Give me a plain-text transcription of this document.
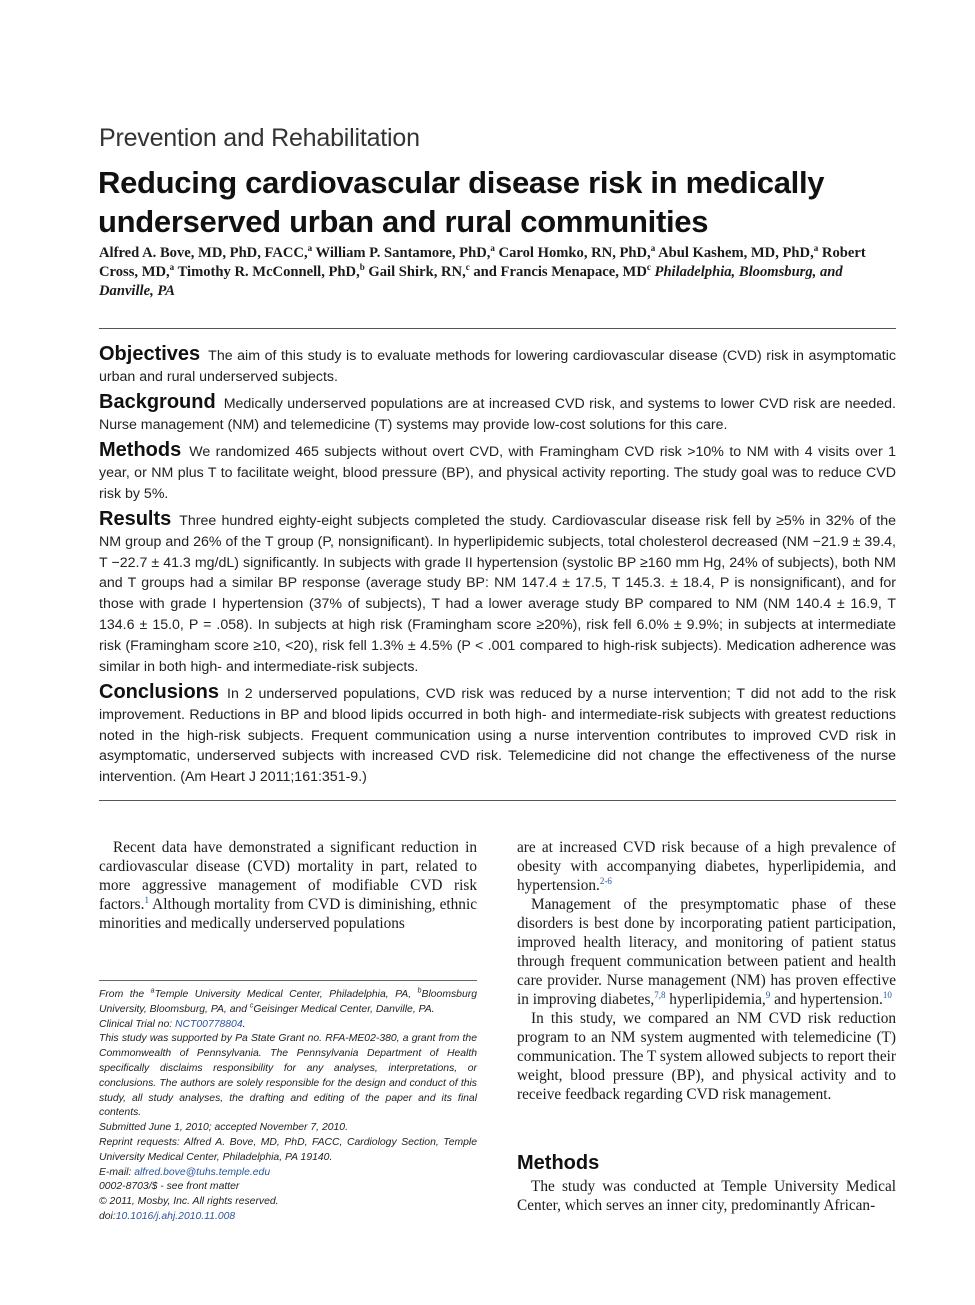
Prevention and Rehabilitation
Reducing cardiovascular disease risk in medically underserved urban and rural communities
Alfred A. Bove, MD, PhD, FACC,$^a$ William P. Santamore, PhD,$^a$ Carol Homko, RN, PhD,$^a$ Abul Kashem, MD, PhD,$^a$ Robert Cross, MD,$^a$ Timothy R. McConnell, PhD,$^b$ Gail Shirk, RN,$^c$ and Francis Menapace, $MD^c$ Philadelphia, Bloomsburg, and Danville, PA

Objectives The aim of this study is to evaluate methods for lowering cardiovascular disease (CVD) risk in asymptomatic urban and rural underserved subjects.

Background Medically underserved populations are at increased CVD risk, and systems to lower CVD risk are needed. Nurse management (NM) and telemedicine (T) systems may provide low-cost solutions for this care.

Methods We randomized 465 subjects without overt CVD, with Framingham CVD risk >10% to NM with 4 visits over 1 year, or NM plus T to facilitate weight, blood pressure (BP), and physical activity reporting. The study goal was to reduce CVD risk by 5%.

Results Three hundred eighty-eight subjects completed the study. Cardiovascular disease risk fell by ≥5% in 32% of the NM group and 26% of the T group (P, nonsignificant). In hyperlipidemic subjects, total cholesterol decreased (NM −21.9 ± 39.4, T −22.7 ± 41.3 mg/dL) significantly. In subjects with grade II hypertension (systolic BP ≥160 mm Hg, 24% of subjects), both NM and T groups had a similar BP response (average study BP: NM 147.4 ± 17.5, T 145.3. ± 18.4, P is nonsignificant), and for those with grade I hypertension (37% of subjects), T had a lower average study BP compared to NM (NM 140.4 ± 16.9, T 134.6 ± 15.0, P = .058). In subjects at high risk (Framingham score ≥20%), risk fell 6.0% ± 9.9%; in subjects at intermediate risk (Framingham score ≥10, <20), risk fell 1.3% ± 4.5% (P < .001 compared to high-risk subjects). Medication adherence was similar in both high- and intermediate-risk subjects.

Conclusions In 2 underserved populations, CVD risk was reduced by a nurse intervention; T did not add to the risk improvement. Reductions in BP and blood lipids occurred in both high- and intermediate-risk subjects with greatest reductions noted in the high-risk subjects. Frequent communication using a nurse intervention contributes to improved CVD risk in asymptomatic, underserved subjects with increased CVD risk. Telemedicine did not change the effectiveness of the nurse intervention. (Am Heart J 2011;161:351-9.)

Recent data have demonstrated a significant reduction in cardiovascular disease (CVD) mortality in part, related to more aggressive management of modifiable CVD risk factors.$^1$ Although mortality from CVD is diminishing, ethnic minorities and medically underserved populations

From the $^a$Temple University Medical Center, Philadelphia, PA, $^b$Bloomsburg University, Bloomsburg, PA, and $^c$Geisinger Medical Center, Danville, PA.
Clinical Trial no: NCT00778804.
This study was supported by Pa State Grant no. RFA-ME02-380, a grant from the Commonwealth of Pennsylvania. The Pennsylvania Department of Health specifically disclaims responsibility for any analyses, interpretations, or conclusions. The authors are solely responsible for the design and conduct of this study, all study analyses, the drafting and editing of the paper and its final contents.
Submitted June 1, 2010; accepted November 7, 2010.
Reprint requests: Alfred A. Bove, MD, PhD, FACC, Cardiology Section, Temple University Medical Center, Philadelphia, PA 19140.
E-mail: alfred.bove@tuhs.temple.edu
0002-8703/$ - see front matter
© 2011, Mosby, Inc. All rights reserved.
doi:10.1016/j.ahj.2010.11.008

are at increased CVD risk because of a high prevalence of obesity with accompanying diabetes, hyperlipidemia, and hypertension.$^{2-6}$

Management of the presymptomatic phase of these disorders is best done by incorporating patient participation, improved health literacy, and monitoring of patient status through frequent communication between patient and health care provider. Nurse management (NM) has proven effective in improving diabetes,$^{7,8}$ hyperlipidemia,$^9$ and hypertension.$^{10}$

In this study, we compared an NM CVD risk reduction program to an NM system augmented with telemedicine (T) communication. The T system allowed subjects to report their weight, blood pressure (BP), and physical activity and to receive feedback regarding CVD risk management.

Methods

The study was conducted at Temple University Medical Center, which serves an inner city, predominantly African-
